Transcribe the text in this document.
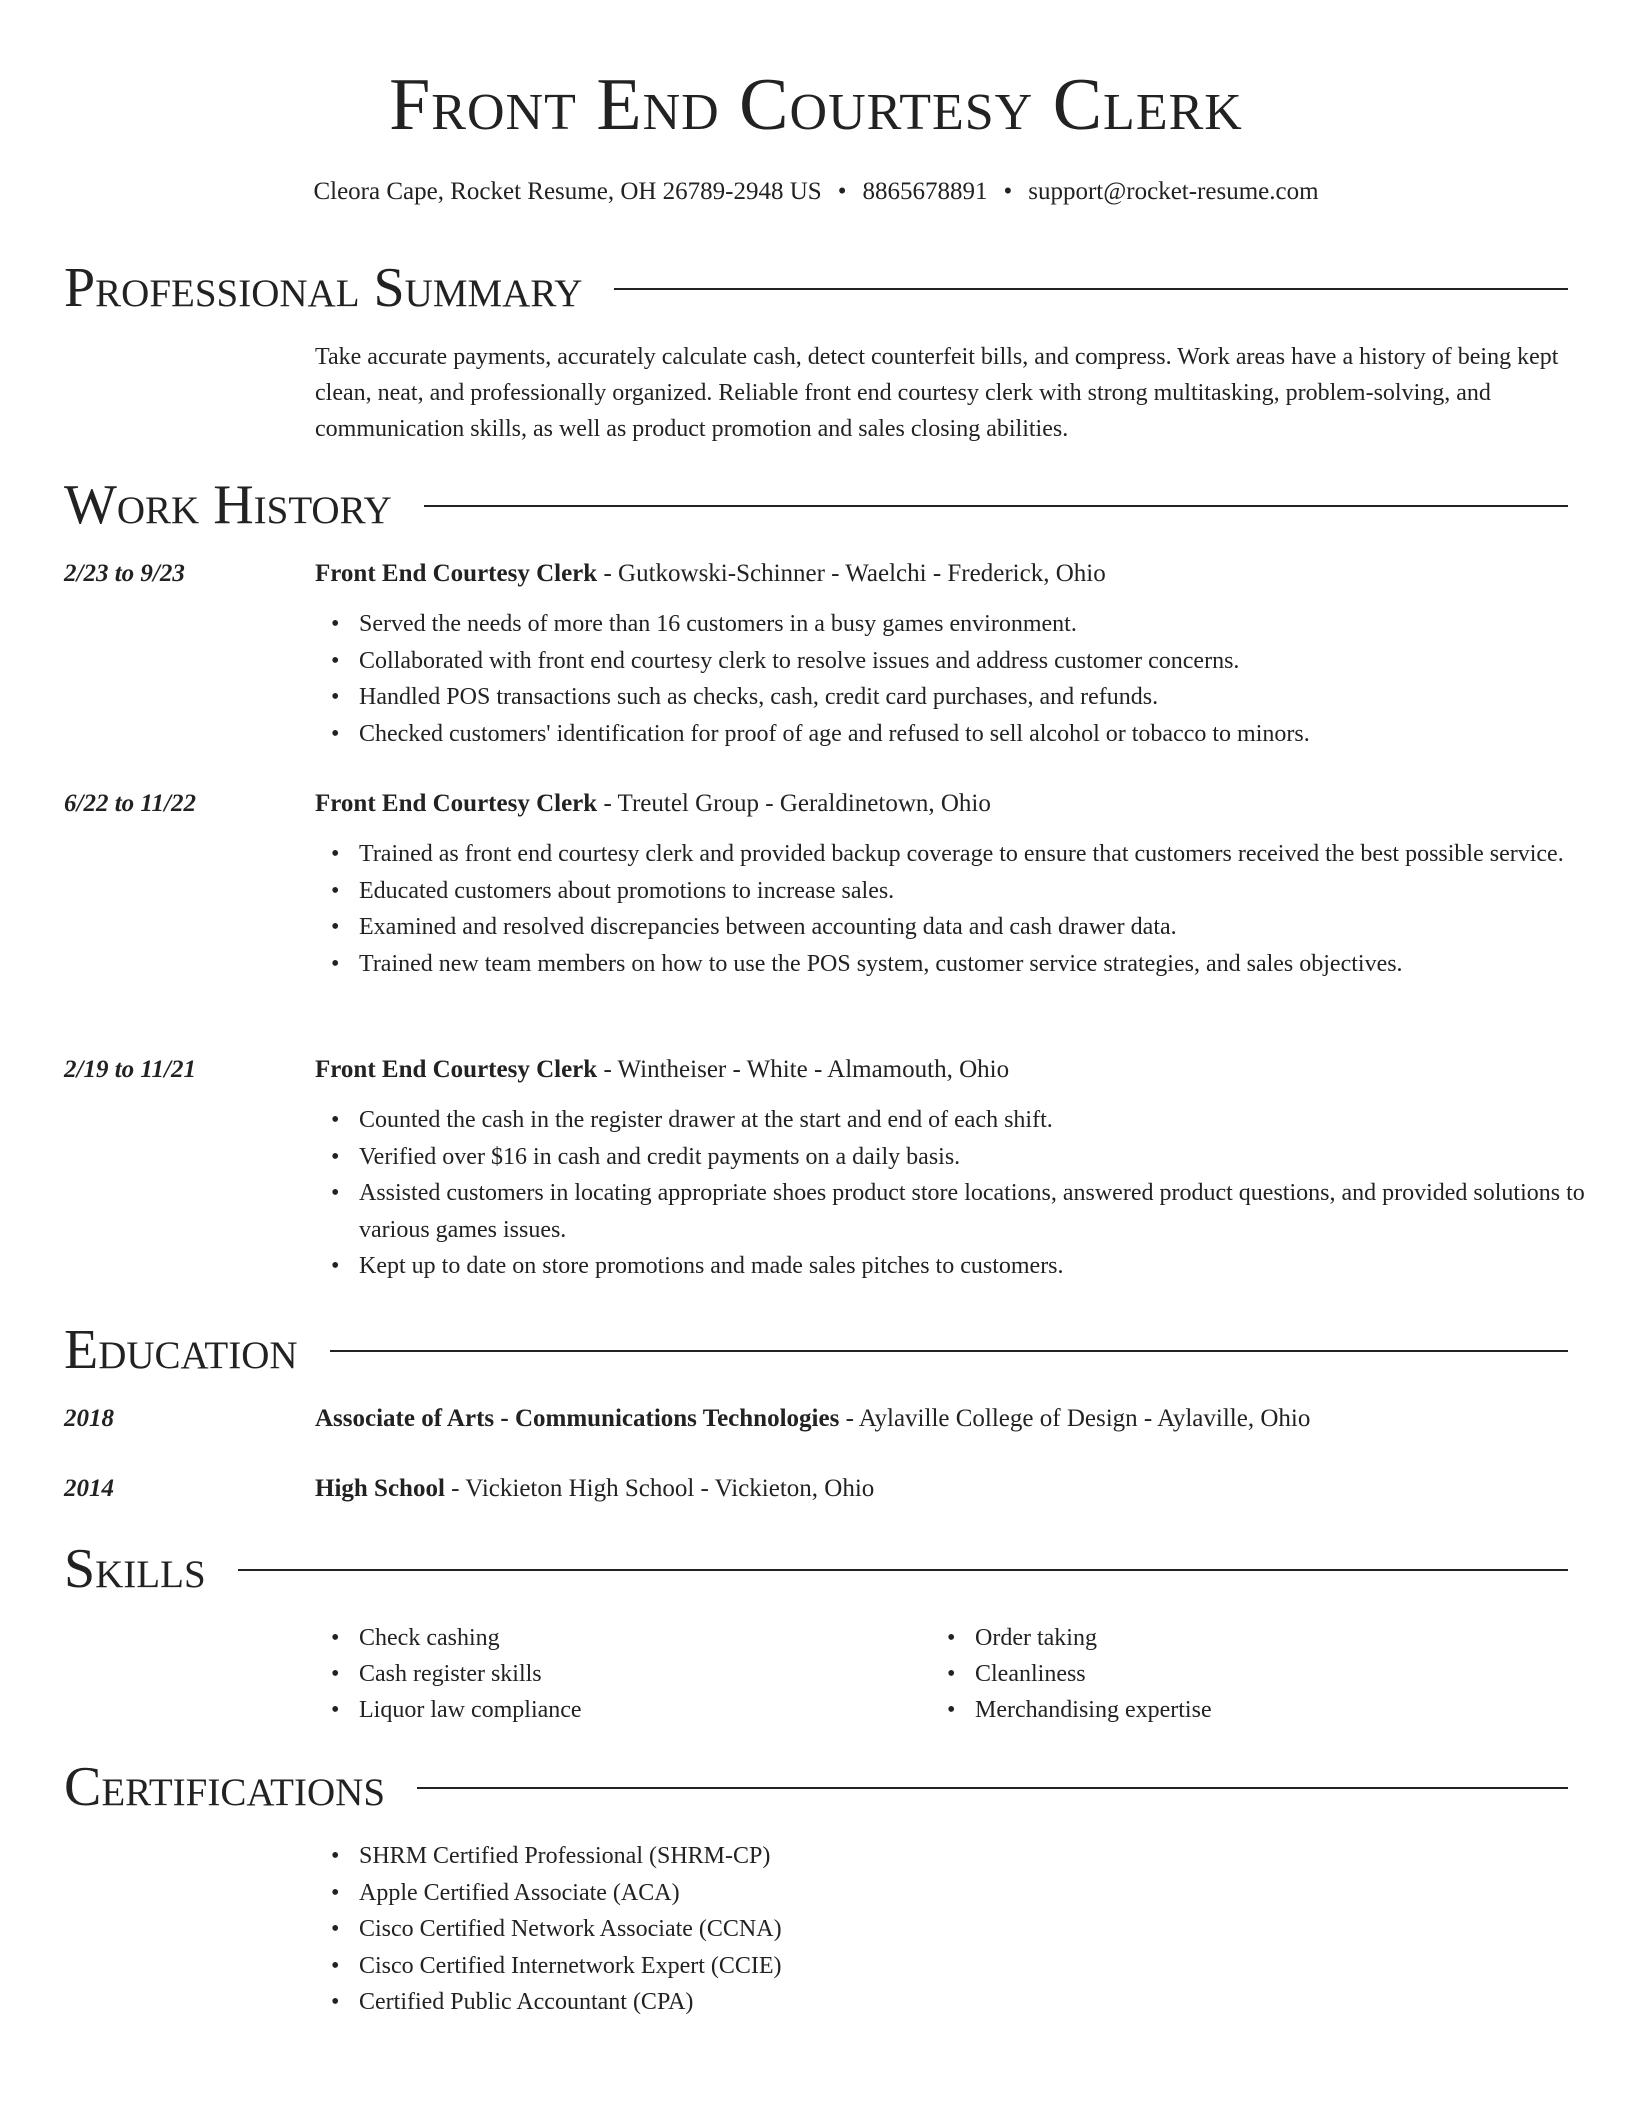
Front End Courtesy Clerk
Cleora Cape, Rocket Resume, OH 26789-2948 US • 8865678891 • support@rocket-resume.com
Professional Summary

Take accurate payments, accurately calculate cash, detect counterfeit bills, and compress. Work areas have a history of being kept clean, neat, and professionally organized. Reliable front end courtesy clerk with strong multitasking, problem-solving, and communication skills, as well as product promotion and sales closing abilities.

Work History
2/23 to 9/23	Front End Courtesy Clerk - Gutkowski-Schinner - Waelchi - Frederick, Ohio
• Served the needs of more than 16 customers in a busy games environment.
• Collaborated with front end courtesy clerk to resolve issues and address customer concerns.
• Handled POS transactions such as checks, cash, credit card purchases, and refunds.
• Checked customers' identification for proof of age and refused to sell alcohol or tobacco to minors.
6/22 to 11/22	Front End Courtesy Clerk - Treutel Group - Geraldinetown, Ohio
• Trained as front end courtesy clerk and provided backup coverage to ensure that customers received the best possible service.
• Educated customers about promotions to increase sales.
• Examined and resolved discrepancies between accounting data and cash drawer data.
• Trained new team members on how to use the POS system, customer service strategies, and sales objectives.
2/19 to 11/21	Front End Courtesy Clerk - Wintheiser - White - Almamouth, Ohio
• Counted the cash in the register drawer at the start and end of each shift.
• Verified over $16 in cash and credit payments on a daily basis.
• Assisted customers in locating appropriate shoes product store locations, answered product questions, and provided solutions to various games issues.
• Kept up to date on store promotions and made sales pitches to customers.
Education
2018	Associate of Arts - Communications Technologies - Aylaville College of Design - Aylaville, Ohio
2014	High School - Vickieton High School - Vickieton, Ohio
Skills
• Check cashing
• Cash register skills
• Liquor law compliance
• Order taking
• Cleanliness
• Merchandising expertise
Certifications
• SHRM Certified Professional (SHRM-CP)
• Apple Certified Associate (ACA)
• Cisco Certified Network Associate (CCNA)
• Cisco Certified Internetwork Expert (CCIE)
• Certified Public Accountant (CPA)
